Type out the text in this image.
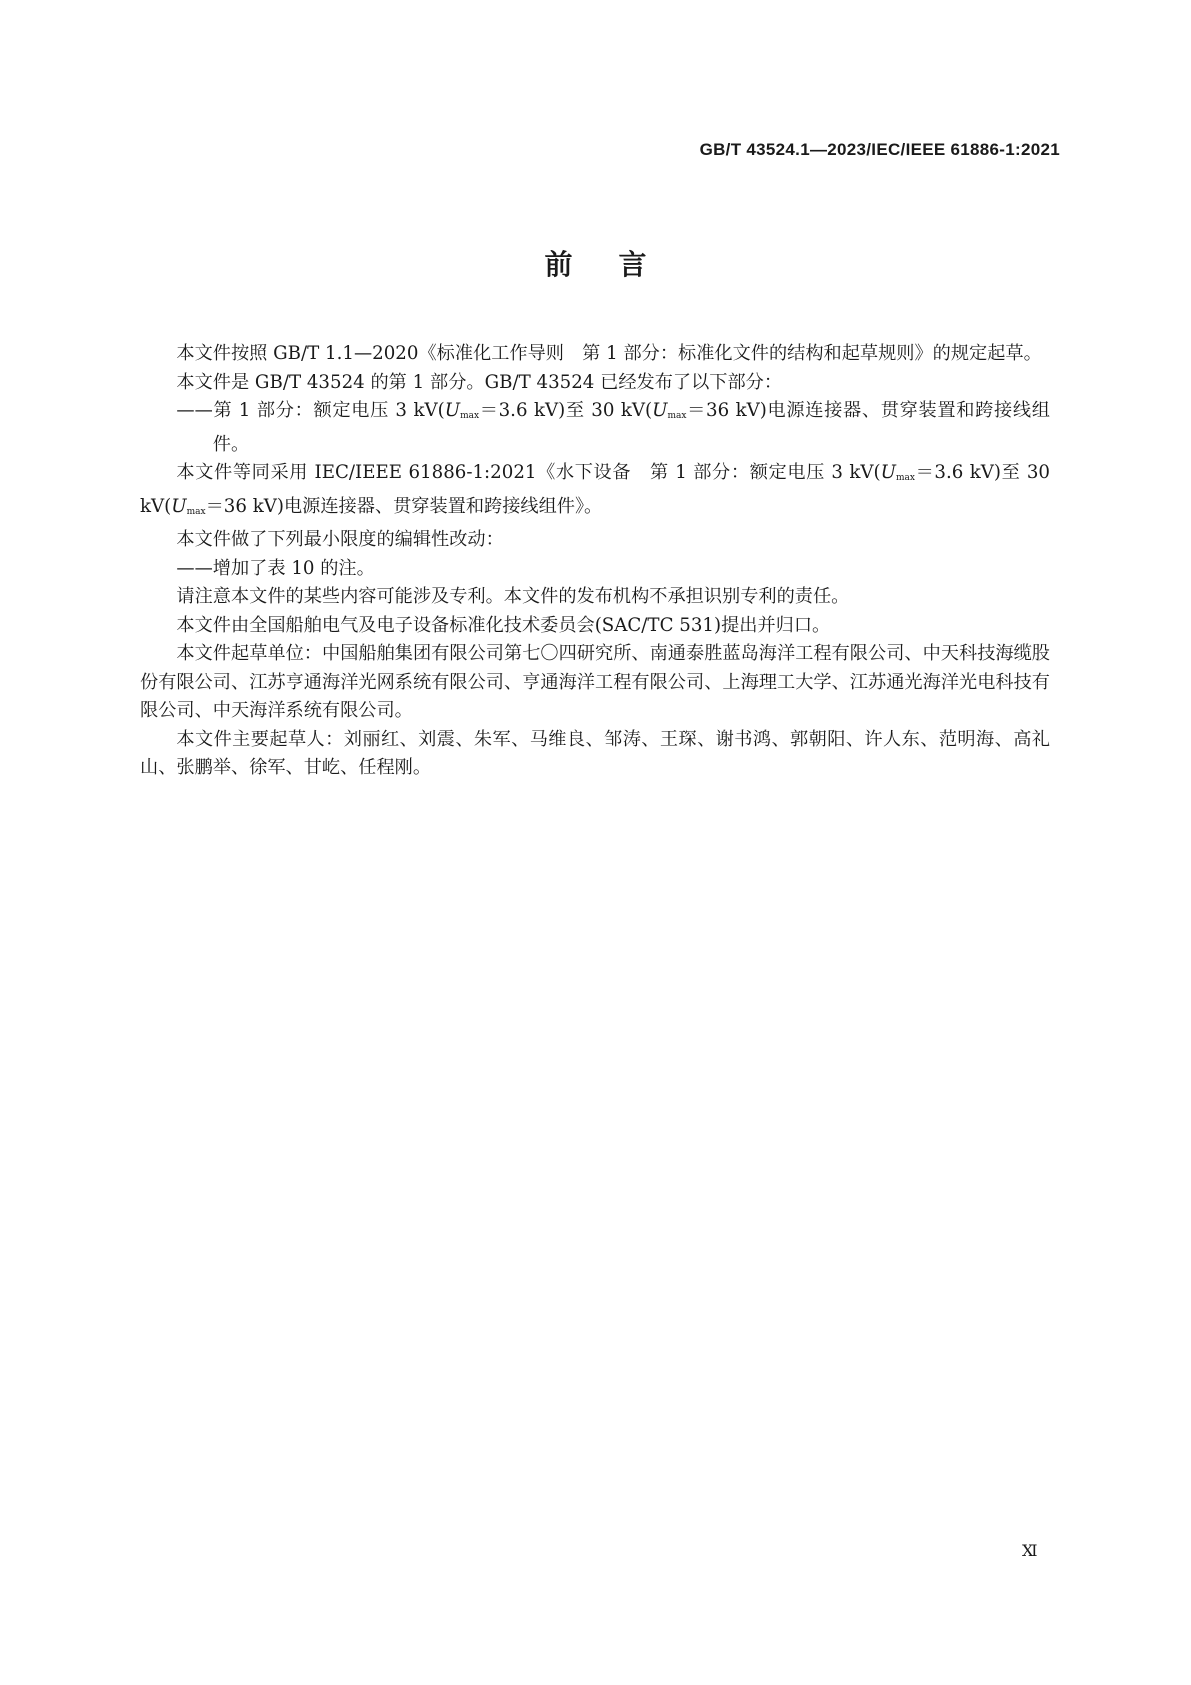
GB/T 43524.1—2023/IEC/IEEE 61886-1:2021
前言

本文件按照 GB/T 1.1—2020《标准化工作导则　第 1 部分：标准化文件的结构和起草规则》的规定起草。

本文件是 GB/T 43524 的第 1 部分。GB/T 43524 已经发布了以下部分：

——第 1 部分：额定电压 3 $kV(U_{max}=3.6$ kV)至 30 $kV(U_{max}=36$ kV)电源连接器、贯穿装置和跨接线组件。

本文件等同采用 IEC/IEEE 61886-1:2021《水下设备　第 1 部分：额定电压 3 $kV(U_{max}=3.6$ kV)至 30 $kV(U_{max}=36$ kV)电源连接器、贯穿装置和跨接线组件》。

本文件做了下列最小限度的编辑性改动：

——增加了表 10 的注。

请注意本文件的某些内容可能涉及专利。本文件的发布机构不承担识别专利的责任。

本文件由全国船舶电气及电子设备标准化技术委员会(SAC/TC 531)提出并归口。

本文件起草单位：中国船舶集团有限公司第七〇四研究所、南通泰胜蓝岛海洋工程有限公司、中天科技海缆股份有限公司、江苏亨通海洋光网系统有限公司、亨通海洋工程有限公司、上海理工大学、江苏通光海洋光电科技有限公司、中天海洋系统有限公司。

本文件主要起草人：刘丽红、刘震、朱军、马维良、邹涛、王琛、谢书鸿、郭朝阳、许人东、范明海、高礼山、张鹏举、徐军、甘屹、任程刚。

Ⅺ
